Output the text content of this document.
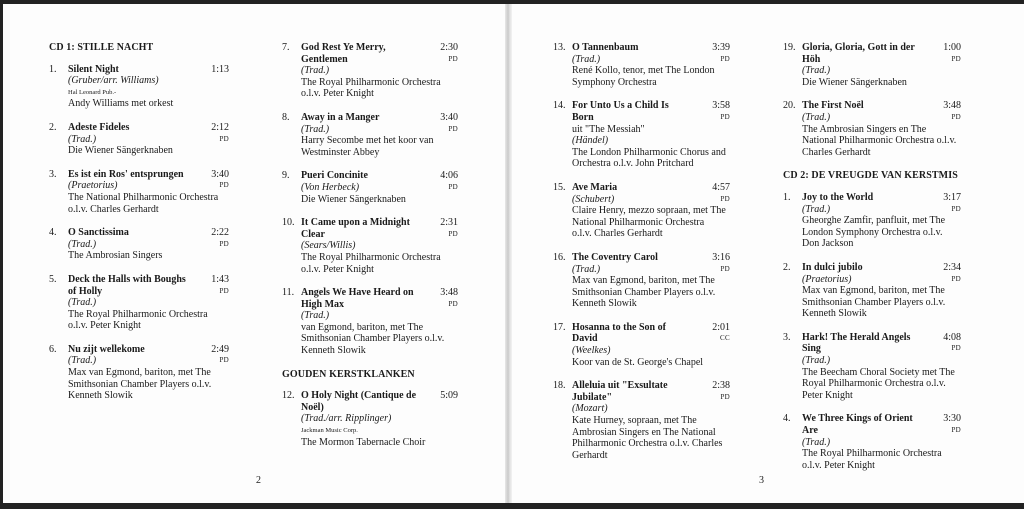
CD 1: STILLE NACHT
1.	1:13
Silent Night
(Gruber/arr. Williams)
Hal Leonard Pub.-
Andy Williams met orkest
2.	2:12
PD
Adeste Fideles
(Trad.)
Die Wiener Sängerknaben
3.	3:40
PD
Es ist ein Ros' entsprungen
(Praetorius)
The National Philharmonic Orchestra o.l.v. Charles Gerhardt
4.	2:22
PD
O Sanctissima
(Trad.)
The Ambrosian Singers
5.	1:43
PD
Deck the Halls with Boughs of Holly
(Trad.)
The Royal Philharmonic Orchestra o.l.v. Peter Knight
6.	2:49
PD
Nu zijt wellekome
(Trad.)
Max van Egmond, bariton, met The Smithsonian Chamber Players o.l.v. Kenneth Slowik
7.	2:30
PD
God Rest Ye Merry, Gentlemen
(Trad.)
The Royal Philharmonic Orchestra o.l.v. Peter Knight
8.	3:40
PD
Away in a Manger
(Trad.)
Harry Secombe met het koor van Westminster Abbey
9.	4:06
PD
Pueri Concinite
(Von Herbeck)
Die Wiener Sängerknaben
10.	2:31
PD
It Came upon a Midnight Clear
(Sears/Willis)
The Royal Philharmonic Orchestra o.l.v. Peter Knight
11.	3:48
PD
Angels We Have Heard on High Max
(Trad.)
van Egmond, bariton, met The Smithsonian Chamber Players o.l.v. Kenneth Slowik
GOUDEN KERSTKLANKEN
12.	5:09
O Holy Night (Cantique de Noël)
(Trad./arr. Ripplinger)
Jackman Music Corp.
The Mormon Tabernacle Choir
13.	3:39
PD
O Tannenbaum
(Trad.)
René Kollo, tenor, met The London Symphony Orchestra
14.	3:58
PD
For Unto Us a Child Is Born
uit "The Messiah"
(Händel)
The London Philharmonic Chorus and Orchestra o.l.v. John Pritchard
15.	4:57
PD
Ave Maria
(Schubert)
Claire Henry, mezzo sopraan, met The National Philharmonic Orchestra o.l.v. Charles Gerhardt
16.	3:16
PD
The Coventry Carol
(Trad.)
Max van Egmond, bariton, met The Smithsonian Chamber Players o.l.v. Kenneth Slowik
17.	2:01
CC
Hosanna to the Son of David
(Weelkes)
Koor van de St. George's Chapel
18.	2:38
PD
Alleluia uit "Exsultate Jubilate"
(Mozart)
Kate Hurney, sopraan, met The Ambrosian Singers en The National Philharmonic Orchestra o.l.v. Charles Gerhardt
19.	1:00
PD
Gloria, Gloria, Gott in der Höh
(Trad.)
Die Wiener Sängerknaben
20.	3:48
PD
The First Noël
(Trad.)
The Ambrosian Singers en The National Philharmonic Orchestra o.l.v. Charles Gerhardt
CD 2: DE VREUGDE VAN KERSTMIS
1.	3:17
PD
Joy to the World
(Trad.)
Gheorghe Zamfir, panfluit, met The London Symphony Orchestra o.l.v. Don Jackson
2.	2:34
PD
In dulci jubilo
(Praetorius)
Max van Egmond, bariton, met The Smithsonian Chamber Players o.l.v. Kenneth Slowik
3.	4:08
PD
Hark! The Herald Angels Sing
(Trad.)
The Beecham Choral Society met The Royal Philharmonic Orchestra o.l.v. Peter Knight
4.	3:30
PD
We Three Kings of Orient Are
(Trad.)
The Royal Philharmonic Orchestra o.l.v. Peter Knight
2	3
